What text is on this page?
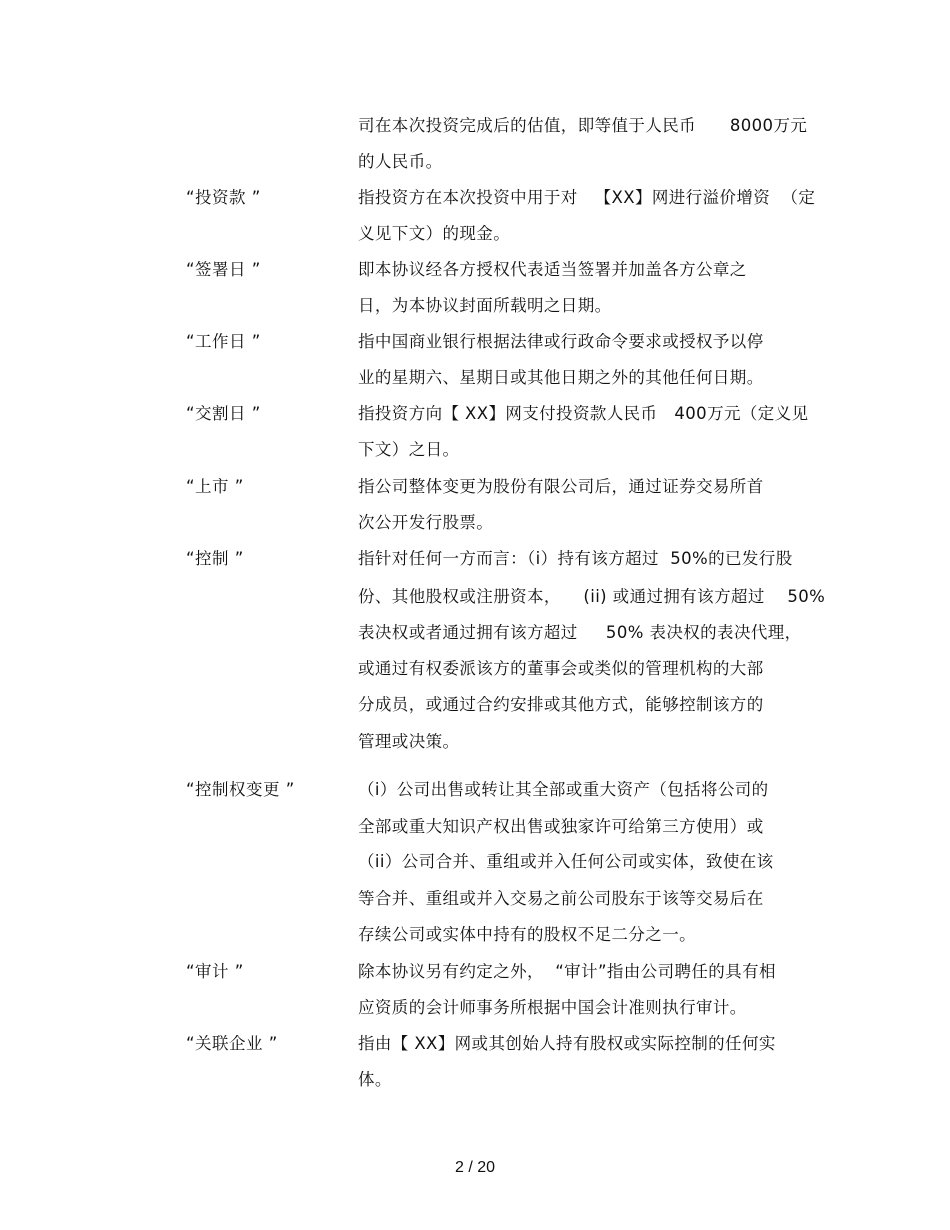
司在本次投资完成后的估值，即等值于人民币      8000万元
的人民币。
“投资款 ”	指投资方在本次投资中用于对   【XX】网进行溢价增资  （定
义见下文）的现金。
“签署日 ”	即本协议经各方授权代表适当签署并加盖各方公章之
日，为本协议封面所载明之日期。
“工作日 ”	指中国商业银行根据法律或行政命令要求或授权予以停
业的星期六、星期日或其他日期之外的其他任何日期。
“交割日 ”	指投资方向【 XX】网支付投资款人民币   400万元（定义见
下文）之日。
“上市 ”	指公司整体变更为股份有限公司后，通过证券交易所首
次公开发行股票。
“控制 ”	指针对任何一方而言：（i）持有该方超过  50%的已发行股
份、其他股权或注册资本，    (ii) 或通过拥有该方超过    50%
表决权或者通过拥有该方超过     50% 表决权的表决代理，
或通过有权委派该方的董事会或类似的管理机构的大部
分成员，或通过合约安排或其他方式，能够控制该方的
管理或决策。
“控制权变更 ”	（i）公司出售或转让其全部或重大资产（包括将公司的
全部或重大知识产权出售或独家许可给第三方使用）或
（ii）公司合并、重组或并入任何公司或实体，致使在该
等合并、重组或并入交易之前公司股东于该等交易后在
存续公司或实体中持有的股权不足二分之一。
“审计 ”	除本协议另有约定之外，  “审计”指由公司聘任的具有相
应资质的会计师事务所根据中国会计准则执行审计。
“关联企业 ”	指由【 XX】网或其创始人持有股权或实际控制的任何实
体。
2 / 20
